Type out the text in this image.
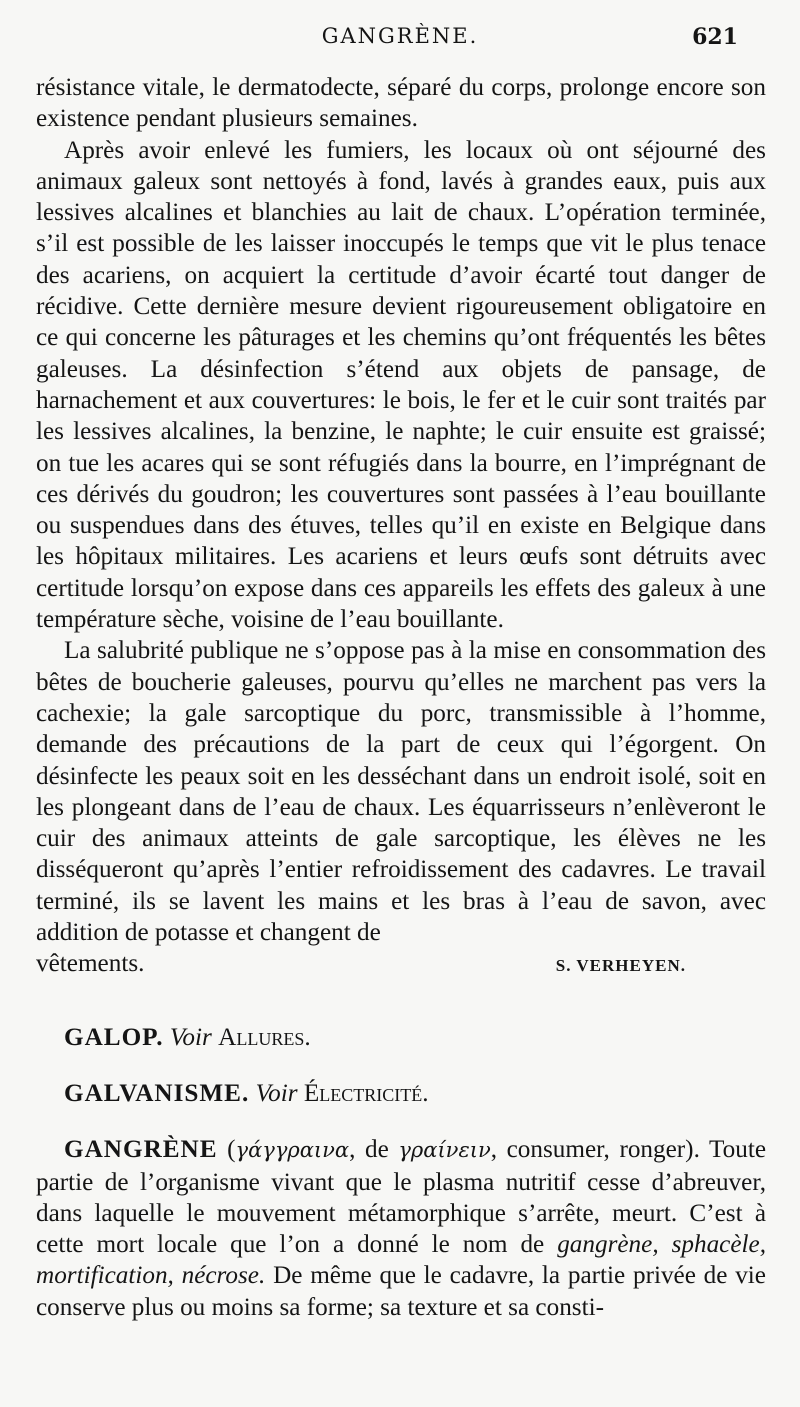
GANGRÈNE.	621

résistance vitale, le dermatodecte, séparé du corps, prolonge encore son existence pendant plusieurs semaines.

Après avoir enlevé les fumiers, les locaux où ont séjourné des animaux galeux sont nettoyés à fond, lavés à grandes eaux, puis aux lessives alcalines et blanchies au lait de chaux. L’opération terminée, s’il est possible de les laisser inoccupés le temps que vit le plus tenace des acariens, on acquiert la certitude d’avoir écarté tout danger de récidive. Cette dernière mesure devient rigoureusement obligatoire en ce qui concerne les pâturages et les chemins qu’ont fréquentés les bêtes galeuses. La désinfection s’étend aux objets de pansage, de harnachement et aux couvertures: le bois, le fer et le cuir sont traités par les lessives alcalines, la benzine, le naphte; le cuir ensuite est graissé; on tue les acares qui se sont réfugiés dans la bourre, en l’imprégnant de ces dérivés du goudron; les couvertures sont passées à l’eau bouillante ou suspendues dans des étuves, telles qu’il en existe en Belgique dans les hôpitaux militaires. Les acariens et leurs œufs sont détruits avec certitude lorsqu’on expose dans ces appareils les effets des galeux à une température sèche, voisine de l’eau bouillante.

La salubrité publique ne s’oppose pas à la mise en consommation des bêtes de boucherie galeuses, pourvu qu’elles ne marchent pas vers la cachexie; la gale sarcoptique du porc, transmissible à l’homme, demande des précautions de la part de ceux qui l’égorgent. On désinfecte les peaux soit en les desséchant dans un endroit isolé, soit en les plongeant dans de l’eau de chaux. Les équarrisseurs n’enlèveront le cuir des animaux atteints de gale sarcoptique, les élèves ne les disséqueront qu’après l’entier refroidissement des cadavres. Le travail terminé, ils se lavent les mains et les bras à l’eau de savon, avec addition de potasse et changent de

vêtements.	S. VERHEYEN.

GALOP. Voir Allures.

GALVANISME. Voir Électricité.

GANGRÈNE (γάγγραινα, de γραίνειν, consumer, ronger). Toute partie de l’organisme vivant que le plasma nutritif cesse d’abreuver, dans laquelle le mouvement métamorphique s’arrête, meurt. C’est à cette mort locale que l’on a donné le nom de gangrène, sphacèle, mortification, nécrose. De même que le cadavre, la partie privée de vie conserve plus ou moins sa forme; sa texture et sa consti-
